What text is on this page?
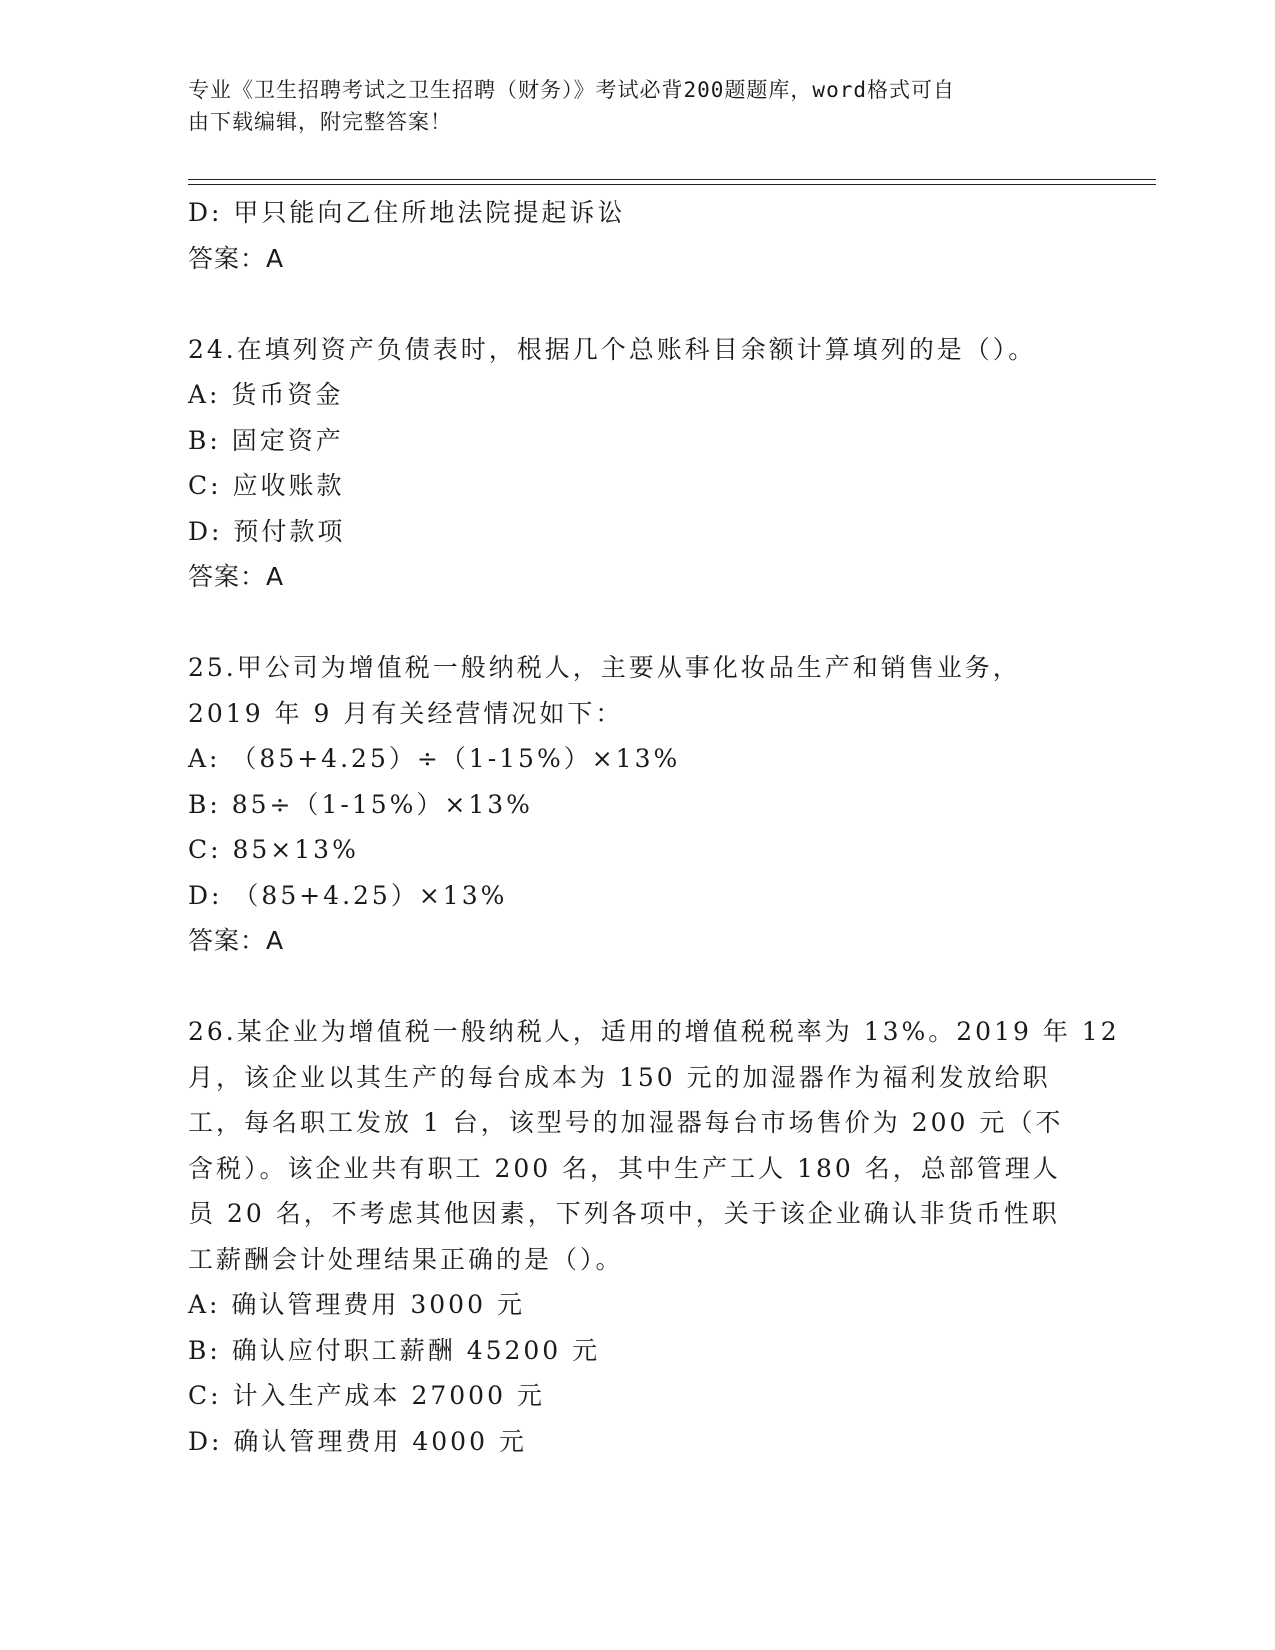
专业《卫生招聘考试之卫生招聘（财务）》考试必背200题题库，word格式可自
由下载编辑，附完整答案！
D: 甲只能向乙住所地法院提起诉讼
答案：A
24.在填列资产负债表时，根据几个总账科目余额计算填列的是（）。
A: 货币资金
B: 固定资产
C: 应收账款
D: 预付款项
答案：A
25.甲公司为增值税一般纳税人，主要从事化妆品生产和销售业务，
2019 年 9 月有关经营情况如下：
A: （85+4.25）÷（1-15%）×13%
B: 85÷（1-15%）×13%
C: 85×13%
D: （85+4.25）×13%
答案：A
26.某企业为增值税一般纳税人，适用的增值税税率为 13%。2019 年 12
月，该企业以其生产的每台成本为 150 元的加湿器作为福利发放给职
工，每名职工发放 1 台，该型号的加湿器每台市场售价为 200 元（不
含税）。该企业共有职工 200 名，其中生产工人 180 名，总部管理人
员 20 名，不考虑其他因素，下列各项中，关于该企业确认非货币性职
工薪酬会计处理结果正确的是（）。
A: 确认管理费用 3000 元
B: 确认应付职工薪酬 45200 元
C: 计入生产成本 27000 元
D: 确认管理费用 4000 元
